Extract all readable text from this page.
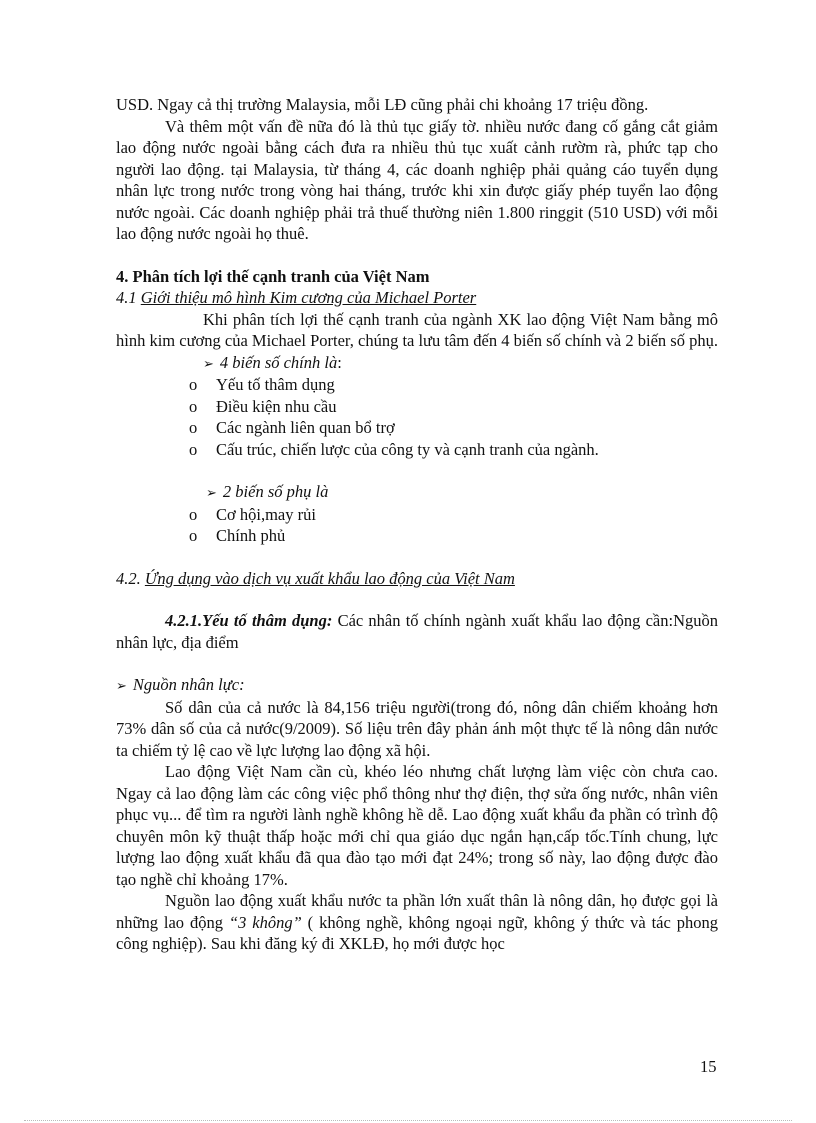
USD. Ngay cả thị trường Malaysia, mỗi LĐ cũng phải chi khoảng 17 triệu đồng.

Và thêm một vấn đề nữa đó là thủ tục giấy tờ. nhiều nước đang cố gắng cắt giảm lao động nước ngoài bằng cách đưa ra nhiều thủ tục xuất cảnh rườm rà, phức tạp cho người lao động. tại Malaysia, từ tháng 4, các doanh nghiệp phải quảng cáo tuyển dụng nhân lực trong nước trong vòng hai tháng, trước khi xin được giấy phép tuyển lao động nước ngoài. Các doanh nghiệp phải trả thuế thường niên 1.800 ringgit (510 USD) với mỗi lao động nước ngoài họ thuê.

4. Phân tích lợi thế cạnh tranh của Việt Nam
4.1 Giới thiệu mô hình Kim cương của Michael Porter

Khi phân tích lợi thế cạnh tranh của ngành XK lao động Việt Nam bằng mô hình kim cương của Michael Porter, chúng ta lưu tâm đến 4 biến số chính và 2 biến số phụ.

➢ 4 biến số chính là :
o	Yếu tố thâm dụng
o	Điều kiện nhu cầu
o	Các ngành liên quan bổ trợ
o	Cấu trúc, chiến lược của công ty và cạnh tranh của ngành.
➢ 2 biến số phụ là
o	Cơ hội,may rủi
o	Chính phủ
4.2. Ứng dụng vào dịch vụ xuất khẩu lao động của Việt Nam

4.2.1.Yếu tố thâm dụng: Các nhân tố chính ngành xuất khẩu lao động cần:Nguồn nhân lực, địa điểm

➢ Nguồn nhân lực:

Số dân của cả nước là 84,156 triệu người(trong đó, nông dân chiếm khoảng hơn 73% dân số của cả nước(9/2009). Số liệu trên đây phản ánh một thực tế là nông dân nước ta chiếm tỷ lệ cao về lực lượng lao động xã hội.

Lao động Việt Nam cần cù, khéo léo nhưng chất lượng làm việc còn chưa cao. Ngay cả lao động làm các công việc phổ thông như thợ điện, thợ sửa ống nước, nhân viên phục vụ... để tìm ra người lành nghề không hề dễ. Lao động xuất khẩu đa phần có trình độ chuyên môn kỹ thuật thấp hoặc mới chỉ qua giáo dục ngắn hạn,cấp tốc.Tính chung, lực lượng lao động xuất khẩu đã qua đào tạo mới đạt 24%; trong số này, lao động được đào tạo nghề chỉ khoảng 17%.

Nguồn lao động xuất khẩu nước ta phần lớn xuất thân là nông dân, họ được gọi là những lao động “3 không” ( không nghề, không ngoại ngữ, không ý thức và tác phong công nghiệp). Sau khi đăng ký đi XKLĐ, họ mới được học

15
